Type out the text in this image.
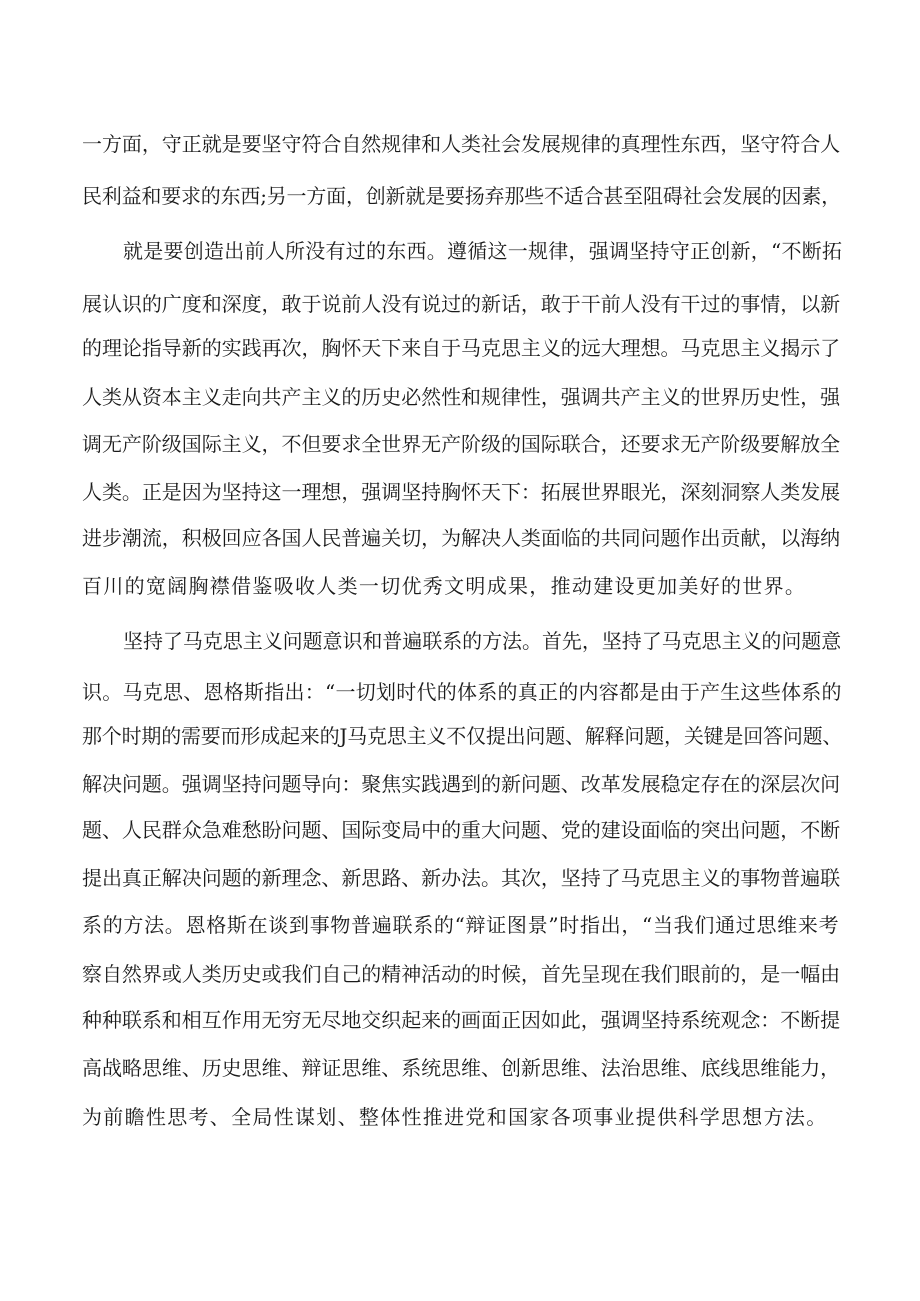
一方面，守正就是要坚守符合自然规律和人类社会发展规律的真理性东西，坚守符合人
民利益和要求的东西;另一方面，创新就是要扬弃那些不适合甚至阻碍社会发展的因素，
就是要创造出前人所没有过的东西。遵循这一规律，强调坚持守正创新，“不断拓
展认识的广度和深度，敢于说前人没有说过的新话，敢于干前人没有干过的事情，以新
的理论指导新的实践再次，胸怀天下来自于马克思主义的远大理想。马克思主义揭示了
人类从资本主义走向共产主义的历史必然性和规律性，强调共产主义的世界历史性，强
调无产阶级国际主义，不但要求全世界无产阶级的国际联合，还要求无产阶级要解放全
人类。正是因为坚持这一理想，强调坚持胸怀天下：拓展世界眼光，深刻洞察人类发展
进步潮流，积极回应各国人民普遍关切，为解决人类面临的共同问题作出贡献，以海纳
百川的宽阔胸襟借鉴吸收人类一切优秀文明成果，推动建设更加美好的世界。
坚持了马克思主义问题意识和普遍联系的方法。首先，坚持了马克思主义的问题意
识。马克思、恩格斯指出：“一切划时代的体系的真正的内容都是由于产生这些体系的
那个时期的需要而形成起来的J马克思主义不仅提出问题、解释问题，关键是回答问题、
解决问题。强调坚持问题导向：聚焦实践遇到的新问题、改革发展稳定存在的深层次问
题、人民群众急难愁盼问题、国际变局中的重大问题、党的建设面临的突出问题，不断
提出真正解决问题的新理念、新思路、新办法。其次，坚持了马克思主义的事物普遍联
系的方法。恩格斯在谈到事物普遍联系的“辩证图景”时指出，“当我们通过思维来考
察自然界或人类历史或我们自己的精神活动的时候，首先呈现在我们眼前的，是一幅由
种种联系和相互作用无穷无尽地交织起来的画面正因如此，强调坚持系统观念：不断提
高战略思维、历史思维、辩证思维、系统思维、创新思维、法治思维、底线思维能力，
为前瞻性思考、全局性谋划、整体性推进党和国家各项事业提供科学思想方法。
